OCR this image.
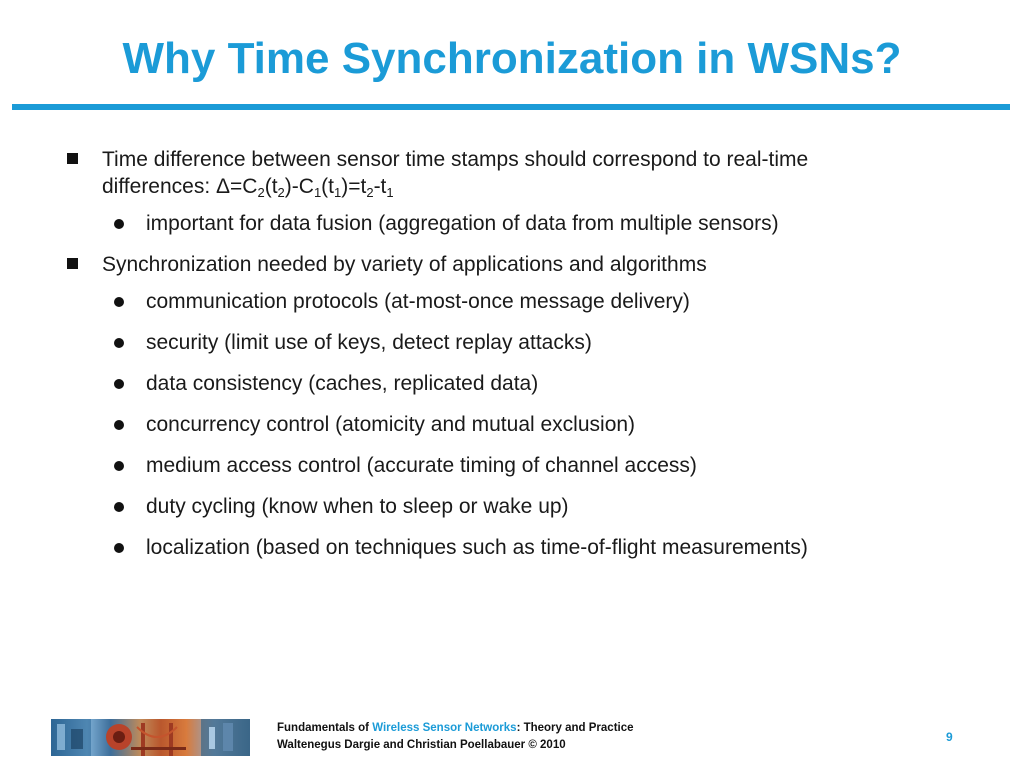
Why Time Synchronization in WSNs?
Time difference between sensor time stamps should correspond to real-time
differences: $\Delta=C_2(t_2)-C_1(t_1)=t_2-t_1$
important for data fusion (aggregation of data from multiple sensors)
Synchronization needed by variety of applications and algorithms
communication protocols (at-most-once message delivery)
security (limit use of keys, detect replay attacks)
data consistency (caches, replicated data)
concurrency control (atomicity and mutual exclusion)
medium access control (accurate timing of channel access)
duty cycling (know when to sleep or wake up)
localization (based on techniques such as time-of-flight measurements)
Fundamentals of Wireless Sensor Networks: Theory and Practice
Waltenegus Dargie and Christian Poellabauer © 2010
9
